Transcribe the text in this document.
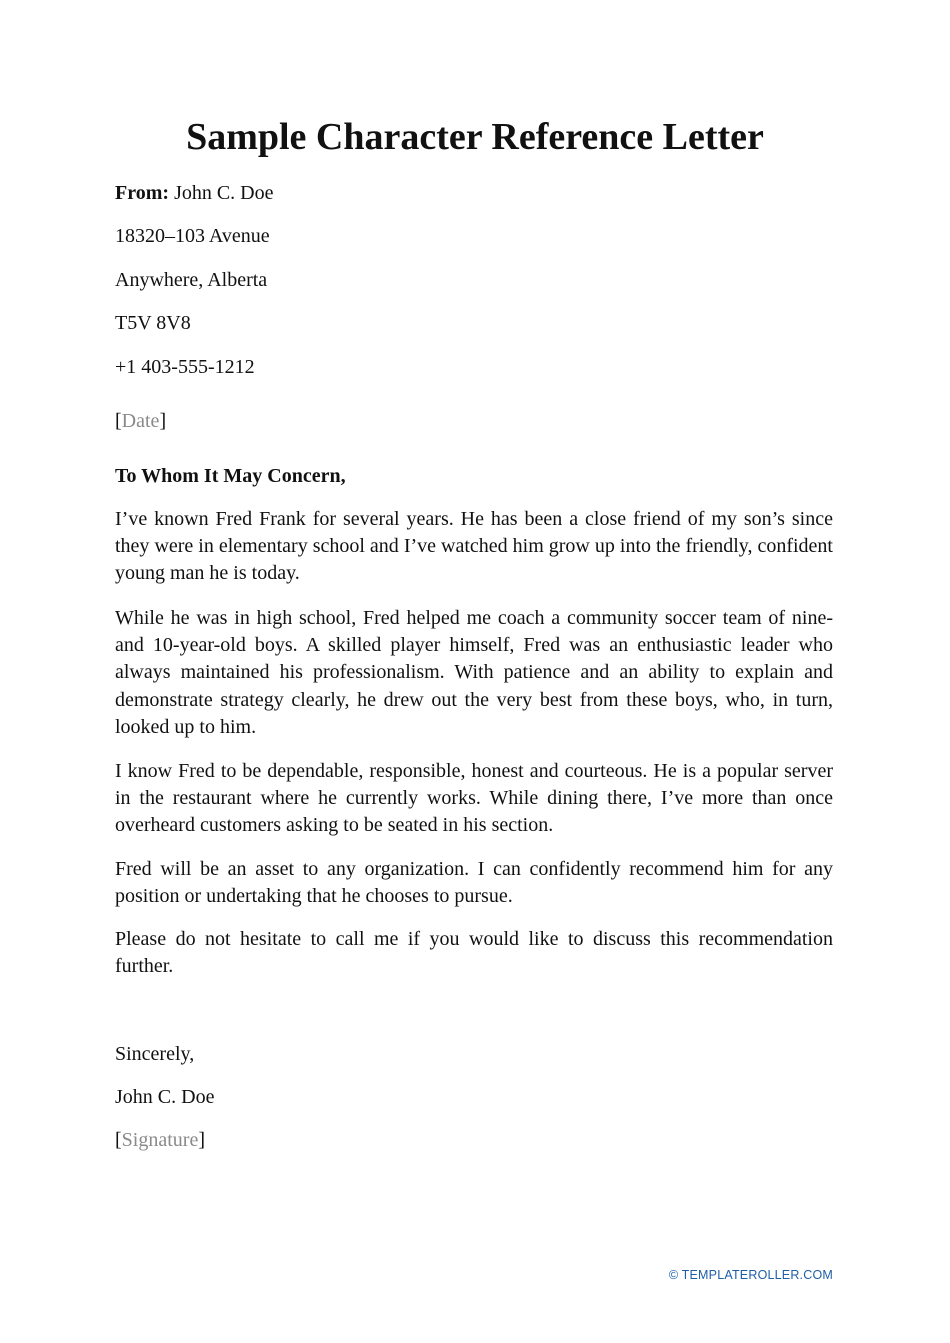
Sample Character Reference Letter

From: John C. Doe

18320–103 Avenue

Anywhere, Alberta

T5V 8V8

+1 403-555-1212

[Date]

To Whom It May Concern,

I’ve known Fred Frank for several years. He has been a close friend of my son’s since they were in elementary school and I’ve watched him grow up into the friendly, confident young man he is today.

While he was in high school, Fred helped me coach a community soccer team of nine- and 10-year-old boys. A skilled player himself, Fred was an enthusiastic leader who always maintained his professionalism. With patience and an ability to explain and demonstrate strategy clearly, he drew out the very best from these boys, who, in turn, looked up to him.

I know Fred to be dependable, responsible, honest and courteous. He is a popular server in the restaurant where he currently works. While dining there, I’ve more than once overheard customers asking to be seated in his section.

Fred will be an asset to any organization. I can confidently recommend him for any position or undertaking that he chooses to pursue.

Please do not hesitate to call me if you would like to discuss this recommendation further.

Sincerely,

John C. Doe

[Signature]

© TEMPLATEROLLER.COM
